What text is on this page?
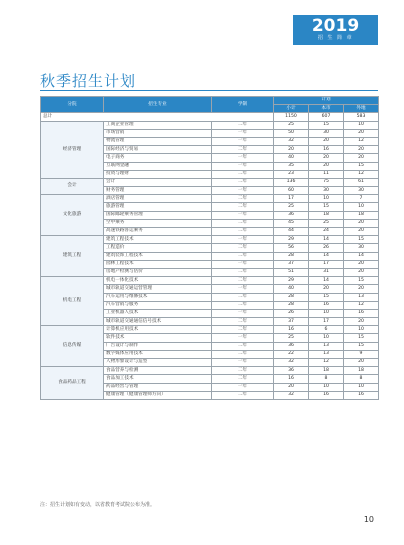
2019
招 生 简 章
秋季招生计划
分院	招生专业	学制	计划		
			小计	本市	外地
总计			1150	607	583
经济管理	工商企业管理	二年	25	15	10
	市场营销	一年	50	30	20
	物流管理	一年	32	20	12
	国际经济与贸易	二年	20	16	20
	电子商务	一年	40	20	20
	互联网金融	一年	35	20	15
	投资与理财	二年	23	11	12
会计	会计	二年	136	75	61
	财务管理	一年	60	30	30
文化旅游	酒店管理	二年	17	10	7
	旅游管理	二年	25	15	10
	国际邮轮乘务管理	一年	36	18	18
	空中乘务	二年	45	25	20
	高速铁路客运乘务	二年	44	24	20
建筑工程	建筑工程技术	一年	29	14	15
	工程造价	二年	56	26	30
	建筑装饰工程技术	二年	28	14	14
	园林工程技术	一年	37	17	20
	房地产检测与估价	二年	51	31	20
机电工程	机电一体化技术	二年	29	14	15
	城市轨道交通运营管理	一年	40	20	20
	汽车运用与维修技术	二年	28	15	13
	汽车营销与服务	二年	28	16	12
	工业机器人技术	一年	26	10	16
	城市轨道交通通信信号技术	二年	37	17	20
信息传媒	计算机应用技术	二年	16	6	10
	软件技术	一年	25	10	15
	广告设计与制作	二年	36	13	15
	数字媒体应用技术	二年	22	13	9
	人物形象设计与造型	一年	32	12	20
食品药品工程	食品营养与检测	二年	36	18	18
	食品加工技术	二年	16	8	8
	药品经营与管理	一年	20	10	10
	健康管理（健康管理师方向）	二年	32	16	16
注：招生计划如有变动，以省教育考试院公布为准。
10
